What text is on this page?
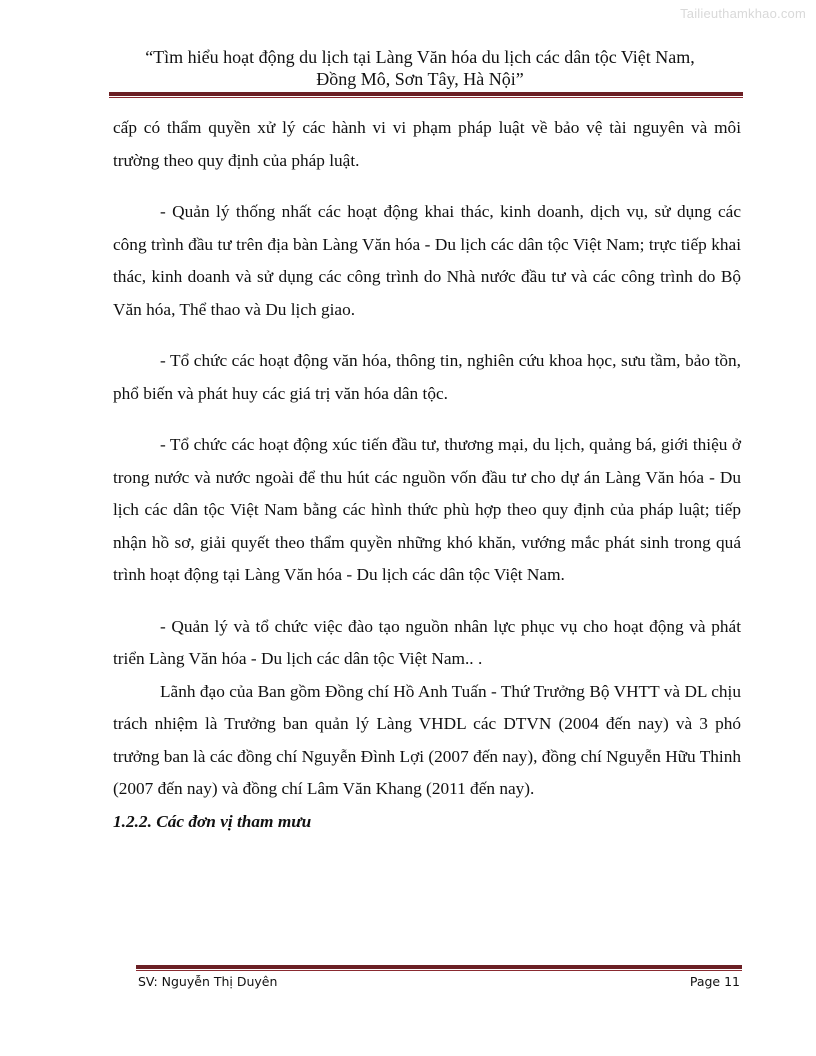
Tailieuthamkhao.com
“Tìm hiểu hoạt động du lịch tại Làng Văn hóa du lịch các dân tộc Việt Nam,
Đồng Mô, Sơn Tây, Hà Nội”

cấp có thẩm quyền xử lý các hành vi vi phạm pháp luật về bảo vệ tài nguyên và môi trường theo quy định của pháp luật.

- Quản lý thống nhất các hoạt động khai thác, kinh doanh, dịch vụ, sử dụng các công trình đầu tư trên địa bàn Làng Văn hóa - Du lịch các dân tộc Việt Nam; trực tiếp khai thác, kinh doanh và sử dụng các công trình do Nhà nước đầu tư và các công trình do Bộ Văn hóa, Thể thao và Du lịch giao.

- Tổ chức các hoạt động văn hóa, thông tin, nghiên cứu khoa học, sưu tầm, bảo tồn, phổ biến và phát huy các giá trị văn hóa dân tộc.

- Tổ chức các hoạt động xúc tiến đầu tư, thương mại, du lịch, quảng bá, giới thiệu ở trong nước và nước ngoài để thu hút các nguồn vốn đầu tư cho dự án Làng Văn hóa - Du lịch các dân tộc Việt Nam bằng các hình thức phù hợp theo quy định của pháp luật; tiếp nhận hồ sơ, giải quyết theo thẩm quyền những khó khăn, vướng mắc phát sinh trong quá trình hoạt động tại Làng Văn hóa - Du lịch các dân tộc Việt Nam.

- Quản lý và tổ chức việc đào tạo nguồn nhân lực phục vụ cho hoạt động và phát triển Làng Văn hóa - Du lịch các dân tộc Việt Nam.. .

Lãnh đạo của Ban gồm Đồng chí Hồ Anh Tuấn - Thứ Trưởng Bộ VHTT và DL chịu trách nhiệm là Trưởng ban quản lý Làng VHDL các DTVN (2004 đến nay) và 3 phó trưởng ban là các đồng chí Nguyễn Đình Lợi (2007 đến nay), đồng chí Nguyễn Hữu Thinh (2007 đến nay) và đồng chí Lâm Văn Khang (2011 đến nay).

1.2.2. Các đơn vị tham mưu
SV: Nguyễn Thị Duyên	Page 11
